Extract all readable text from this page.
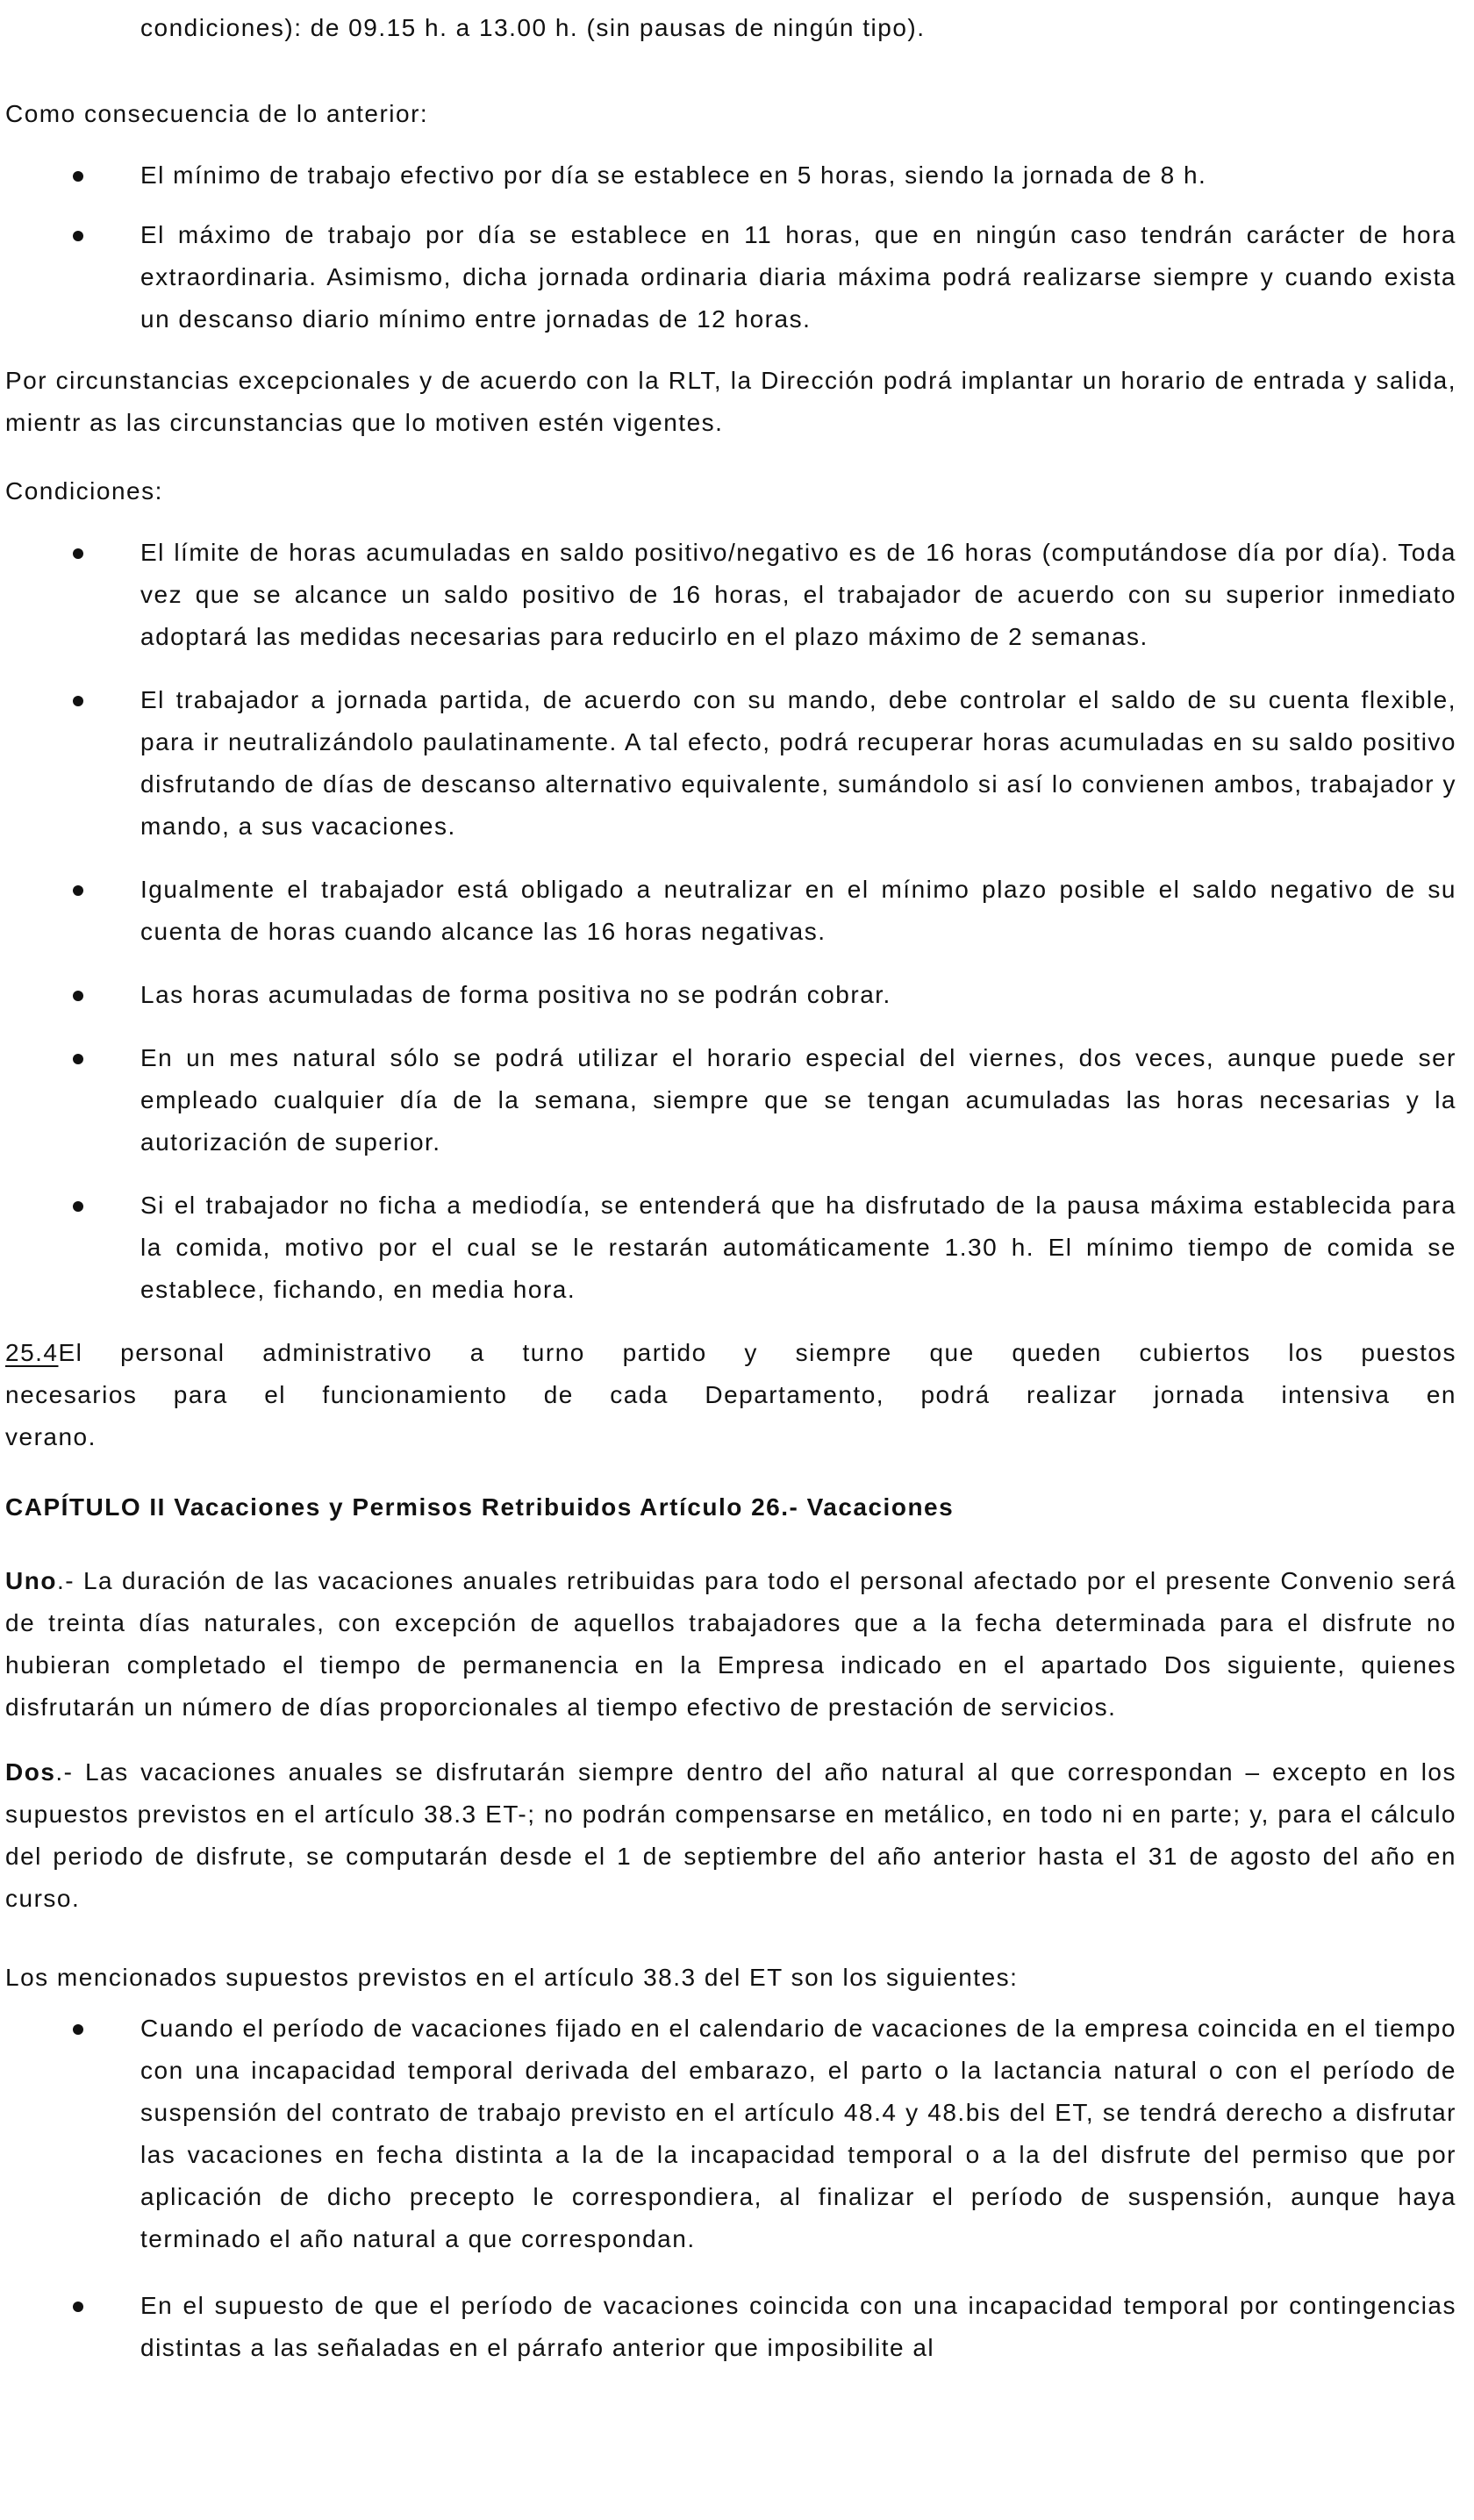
condiciones): de 09.15 h. a 13.00 h. (sin pausas de ningún tipo).

Como consecuencia de lo anterior:

El mínimo de trabajo efectivo por día se establece en 5 horas, siendo la jornada de 8 h.
El máximo de trabajo por día se establece en 11 horas, que en ningún caso tendrán carácter de hora extraordinaria. Asimismo, dicha jornada ordinaria diaria máxima podrá realizarse siempre y cuando exista un descanso diario mínimo entre jornadas de 12 horas.

Por circunstancias excepcionales y de acuerdo con la RLT, la Dirección podrá implantar un horario de entrada y salida, mientr as las circunstancias que lo motiven estén vigentes.

Condiciones:

El límite de horas acumuladas en saldo positivo/negativo es de 16 horas (computándose día por día). Toda vez que se alcance un saldo positivo de 16 horas, el trabajador de acuerdo con su superior inmediato adoptará las medidas necesarias para reducirlo en el plazo máximo de 2 semanas.
El trabajador a jornada partida, de acuerdo con su mando, debe controlar el saldo de su cuenta flexible, para ir neutralizándolo paulatinamente. A tal efecto, podrá recuperar horas acumuladas en su saldo positivo disfrutando de días de descanso alternativo equivalente, sumándolo si así lo convienen ambos, trabajador y mando, a sus vacaciones.
Igualmente el trabajador está obligado a neutralizar en el mínimo plazo posible el saldo negativo de su cuenta de horas cuando alcance las 16 horas negativas.
Las horas acumuladas de forma positiva no se podrán cobrar.
En un mes natural sólo se podrá utilizar el horario especial del viernes, dos veces, aunque puede ser empleado cualquier día de la semana, siempre que se tengan acumuladas las horas necesarias y la autorización de superior.
Si el trabajador no ficha a mediodía, se entenderá que ha disfrutado de la pausa máxima establecida para la comida, motivo por el cual se le restarán automáticamente 1.30 h. El mínimo tiempo de comida se establece, fichando, en media hora.

25.4El personal administrativo a turno partido y siempre que queden cubiertos los puestos necesarios para el funcionamiento de cada Departamento, podrá realizar jornada intensiva en verano.

CAPÍTULO II Vacaciones y Permisos Retribuidos Artículo 26.- Vacaciones

Uno.- La duración de las vacaciones anuales retribuidas para todo el personal afectado por el presente Convenio será de treinta días naturales, con excepción de aquellos trabajadores que a la fecha determinada para el disfrute no hubieran completado el tiempo de permanencia en la Empresa indicado en el apartado Dos siguiente, quienes disfrutarán un número de días proporcionales al tiempo efectivo de prestación de servicios.

Dos.- Las vacaciones anuales se disfrutarán siempre dentro del año natural al que correspondan – excepto en los supuestos previstos en el artículo 38.3 ET-; no podrán compensarse en metálico, en todo ni en parte; y, para el cálculo del periodo de disfrute, se computarán desde el 1 de septiembre del año anterior hasta el 31 de agosto del año en curso.

Los mencionados supuestos previstos en el artículo 38.3 del ET son los siguientes:

Cuando el período de vacaciones fijado en el calendario de vacaciones de la empresa coincida en el tiempo con una incapacidad temporal derivada del embarazo, el parto o la lactancia natural o con el período de suspensión del contrato de trabajo previsto en el artículo 48.4 y 48.bis del ET, se tendrá derecho a disfrutar las vacaciones en fecha distinta a la de la incapacidad temporal o a la del disfrute del permiso que por aplicación de dicho precepto le correspondiera, al finalizar el período de suspensión, aunque haya terminado el año natural a que correspondan.
En el supuesto de que el período de vacaciones coincida con una incapacidad temporal por contingencias distintas a las señaladas en el párrafo anterior que imposibilite al
